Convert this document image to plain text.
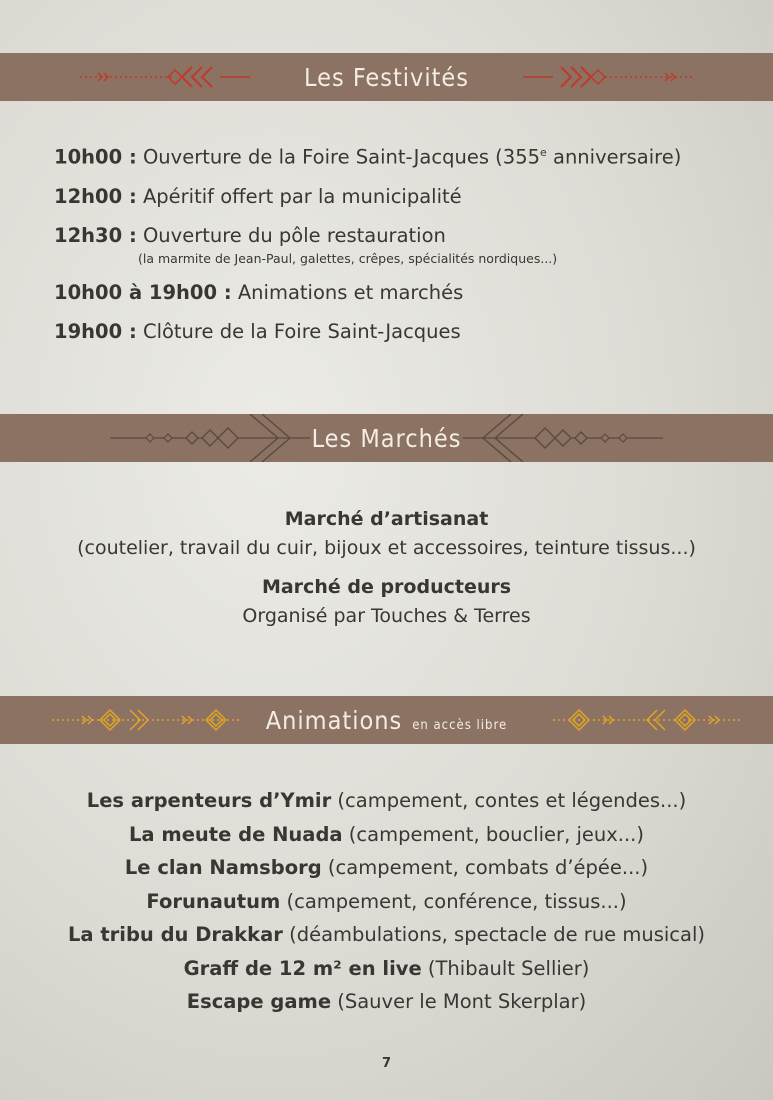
Les Festivités
10h00 : Ouverture de la Foire Saint-Jacques (355e anniversaire)
12h00 : Apéritif offert par la municipalité
12h30 : Ouverture du pôle restauration
(la marmite de Jean-Paul, galettes, crêpes, spécialités nordiques...)
10h00 à 19h00 : Animations et marchés
19h00 : Clôture de la Foire Saint-Jacques
Les Marchés
Marché d’artisanat
(coutelier, travail du cuir, bijoux et accessoires, teinture tissus...)
Marché de producteurs
Organisé par Touches & Terres
Animations en accès libre
Les arpenteurs d’Ymir (campement, contes et légendes...)
La meute de Nuada (campement, bouclier, jeux...)
Le clan Namsborg (campement, combats d’épée...)
Forunautum (campement, conférence, tissus...)
La tribu du Drakkar (déambulations, spectacle de rue musical)
Graff de 12 m² en live (Thibault Sellier)
Escape game (Sauver le Mont Skerplar)
7
